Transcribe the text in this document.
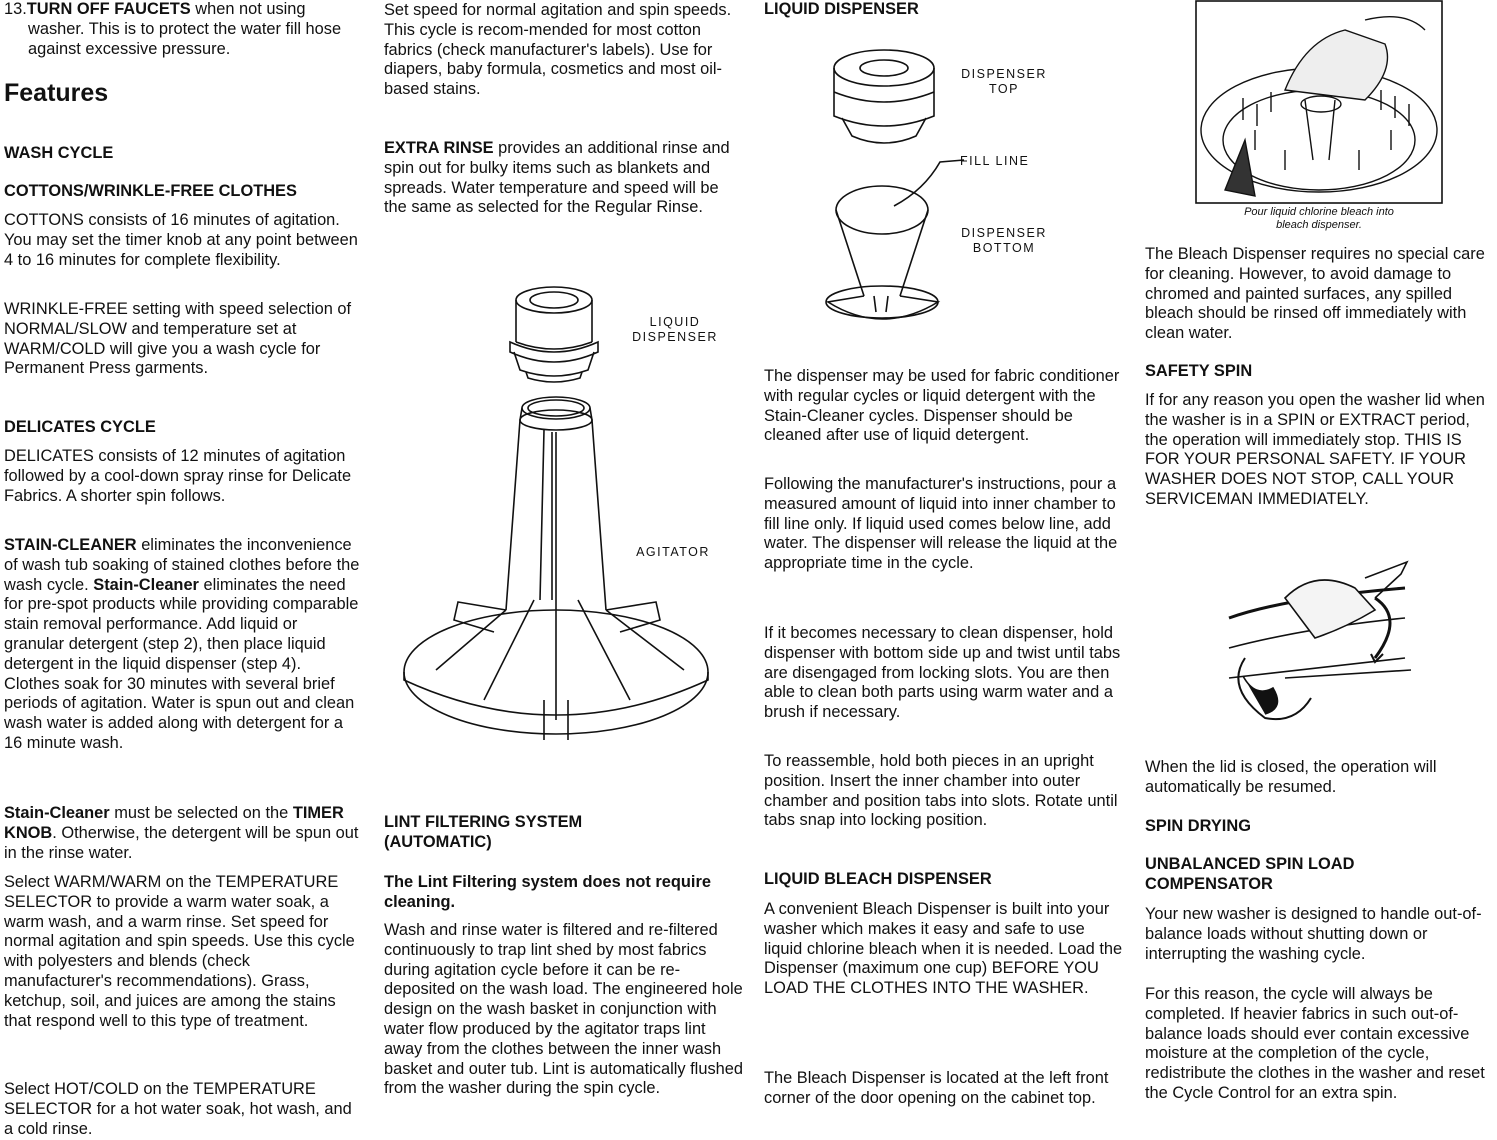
13.TURN OFF FAUCETS when not using washer. This is to protect the water fill hose against excessive pressure.

Features
WASH CYCLE
COTTONS/WRINKLE-FREE CLOTHES

COTTONS consists of 16 minutes of agitation. You may set the timer knob at any point between 4 to 16 minutes for complete flexibility.

WRINKLE-FREE setting with speed selection of NORMAL/SLOW and temperature set at WARM/COLD will give you a wash cycle for Permanent Press garments.

DELICATES CYCLE

DELICATES consists of 12 minutes of agitation followed by a cool-down spray rinse for Delicate Fabrics. A shorter spin follows.

STAIN-CLEANER eliminates the inconvenience of wash tub soaking of stained clothes before the wash cycle. Stain-Cleaner eliminates the need for pre-spot products while providing comparable stain removal performance. Add liquid or granular detergent (step 2), then place liquid detergent in the liquid dispenser (step 4). Clothes soak for 30 minutes with several brief periods of agitation. Water is spun out and clean wash water is added along with detergent for a 16 minute wash.

Stain-Cleaner must be selected on the TIMER KNOB. Otherwise, the detergent will be spun out in the rinse water.

Select WARM/WARM on the TEMPERATURE SELECTOR to provide a warm water soak, a warm wash, and a warm rinse. Set speed for normal agitation and spin speeds. Use this cycle with polyesters and blends (check manufacturer's recommendations). Grass, ketchup, soil, and juices are among the stains that respond well to this type of treatment.

Select HOT/COLD on the TEMPERATURE SELECTOR for a hot water soak, hot wash, and a cold rinse.

Set speed for normal agitation and spin speeds. This cycle is recom-mended for most cotton fabrics (check manufacturer's labels). Use for diapers, baby formula, cosmetics and most oil-based stains.

EXTRA RINSE provides an additional rinse and spin out for bulky items such as blankets and spreads. Water temperature and speed will be the same as selected for the Regular Rinse.

LIQUID
DISPENSER
AGITATOR
LINT FILTERING SYSTEM
(AUTOMATIC)

The Lint Filtering system does not require cleaning.

Wash and rinse water is filtered and re-filtered continuously to trap lint shed by most fabrics during agitation cycle before it can be re-deposited on the wash load. The engineered hole design on the wash basket in conjunction with water flow produced by the agitator traps lint away from the clothes between the inner wash basket and outer tub. Lint is automatically flushed from the washer during the spin cycle.

LIQUID DISPENSER
DISPENSER
TOP
FILL LINE
DISPENSER
BOTTOM

The dispenser may be used for fabric conditioner with regular cycles or liquid detergent with the Stain-Cleaner cycles. Dispenser should be cleaned after use of liquid detergent.

Following the manufacturer's instructions, pour a measured amount of liquid into inner chamber to fill line only. If liquid used comes below line, add water. The dispenser will release the liquid at the appropriate time in the cycle.

If it becomes necessary to clean dispenser, hold dispenser with bottom side up and twist until tabs are disengaged from locking slots. You are then able to clean both parts using warm water and a brush if necessary.

To reassemble, hold both pieces in an upright position. Insert the inner chamber into outer chamber and position tabs into slots. Rotate until tabs snap into locking position.

LIQUID BLEACH DISPENSER

A convenient Bleach Dispenser is built into your washer which makes it easy and safe to use liquid chlorine bleach when it is needed. Load the Dispenser (maximum one cup) BEFORE YOU LOAD THE CLOTHES INTO THE WASHER.

The Bleach Dispenser is located at the left front corner of the door opening on the cabinet top.

Pour liquid chlorine bleach into
bleach dispenser.

The Bleach Dispenser requires no special care for cleaning. However, to avoid damage to chromed and painted surfaces, any spilled bleach should be rinsed off immediately with clean water.

SAFETY SPIN

If for any reason you open the washer lid when the washer is in a SPIN or EXTRACT period, the operation will immediately stop. THIS IS FOR YOUR PERSONAL SAFETY. IF YOUR WASHER DOES NOT STOP, CALL YOUR SERVICEMAN IMMEDIATELY.

When the lid is closed, the operation will automatically be resumed.

SPIN DRYING
UNBALANCED SPIN LOAD
COMPENSATOR

Your new washer is designed to handle out-of-balance loads without shutting down or interrupting the washing cycle.

For this reason, the cycle will always be completed. If heavier fabrics in such out-of-balance loads should ever contain excessive moisture at the completion of the cycle, redistribute the clothes in the washer and reset the Cycle Control for an extra spin.
